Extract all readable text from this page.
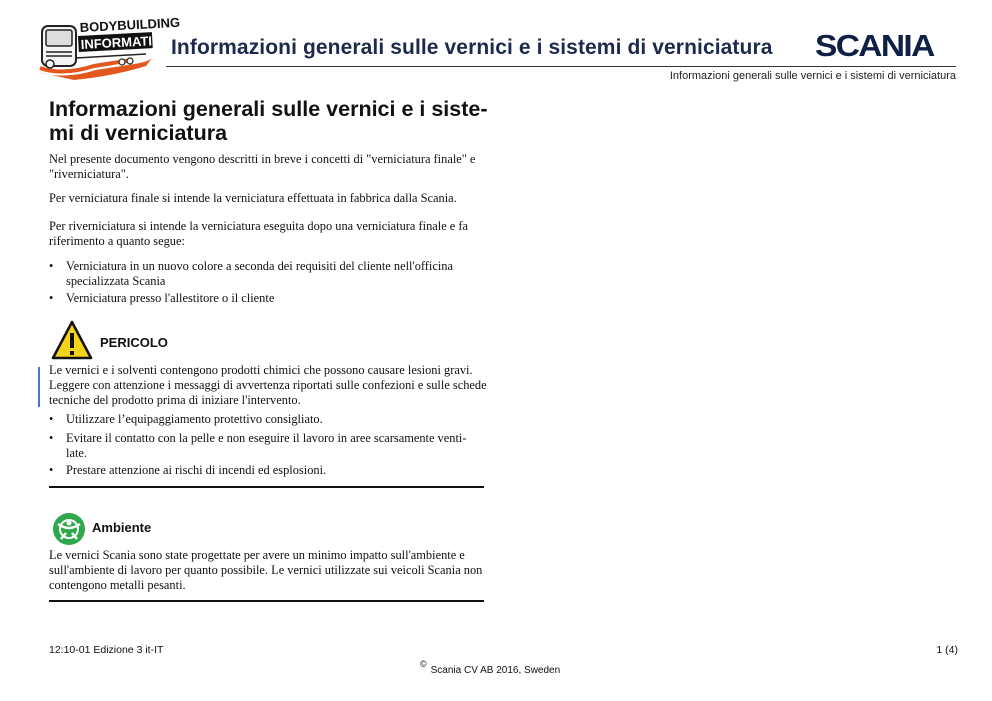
BODYBUILDING
INFORMATION Informazioni generali sulle vernici e i sistemi di verniciatura SCANIA
Informazioni generali sulle vernici e i sistemi di verniciatura
Informazioni generali sulle vernici e i siste-
mi di verniciatura
Nel presente documento vengono descritti in breve i concetti di "verniciatura finale" e "riverniciatura".
Per verniciatura finale si intende la verniciatura effettuata in fabbrica dalla Scania.
Per riverniciatura si intende la verniciatura eseguita dopo una verniciatura finale e fa riferimento a quanto segue:
• Verniciatura in un nuovo colore a seconda dei requisiti del cliente nell'officina specializzata Scania
• Verniciatura presso l'allestitore o il cliente
PERICOLO
Le vernici e i solventi contengono prodotti chimici che possono causare lesioni gravi. Leggere con attenzione i messaggi di avvertenza riportati sulle confezioni e sulle schede tecniche del prodotto prima di iniziare l'intervento.
• Utilizzare l’equipaggiamento protettivo consigliato.
• Evitare il contatto con la pelle e non eseguire il lavoro in aree scarsamente venti-late.
• Prestare attenzione ai rischi di incendi ed esplosioni.
Ambiente
Le vernici Scania sono state progettate per avere un minimo impatto sull'ambiente e sull'ambiente di lavoro per quanto possibile. Le vernici utilizzate sui veicoli Scania non contengono metalli pesanti.
12:10-01 Edizione 3 it-IT	1 (4)
©Scania CV AB 2016, Sweden
